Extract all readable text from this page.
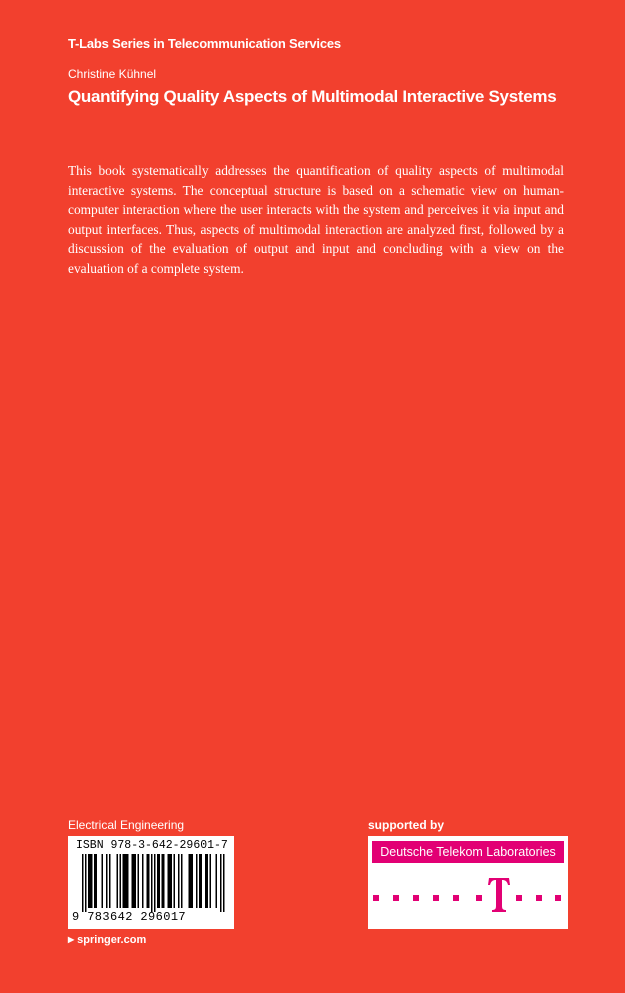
T-Labs Series in Telecommunication Services
Christine Kühnel
Quantifying Quality Aspects of Multimodal Interactive Systems
This book systematically addresses the quantification of quality aspects of multimodal interactive systems. The conceptual structure is based on a schematic view on human-computer interaction where the user interacts with the system and perceives it via input and output interfaces. Thus, aspects of multimodal interaction are analyzed first, followed by a discussion of the evaluation of output and input and concluding with a view on the evaluation of a complete system.
Electrical Engineering	supported by
ISBN 978-3-642-29601-7
9 783642 296017
▶ springer.com
Deutsche Telekom Laboratories
